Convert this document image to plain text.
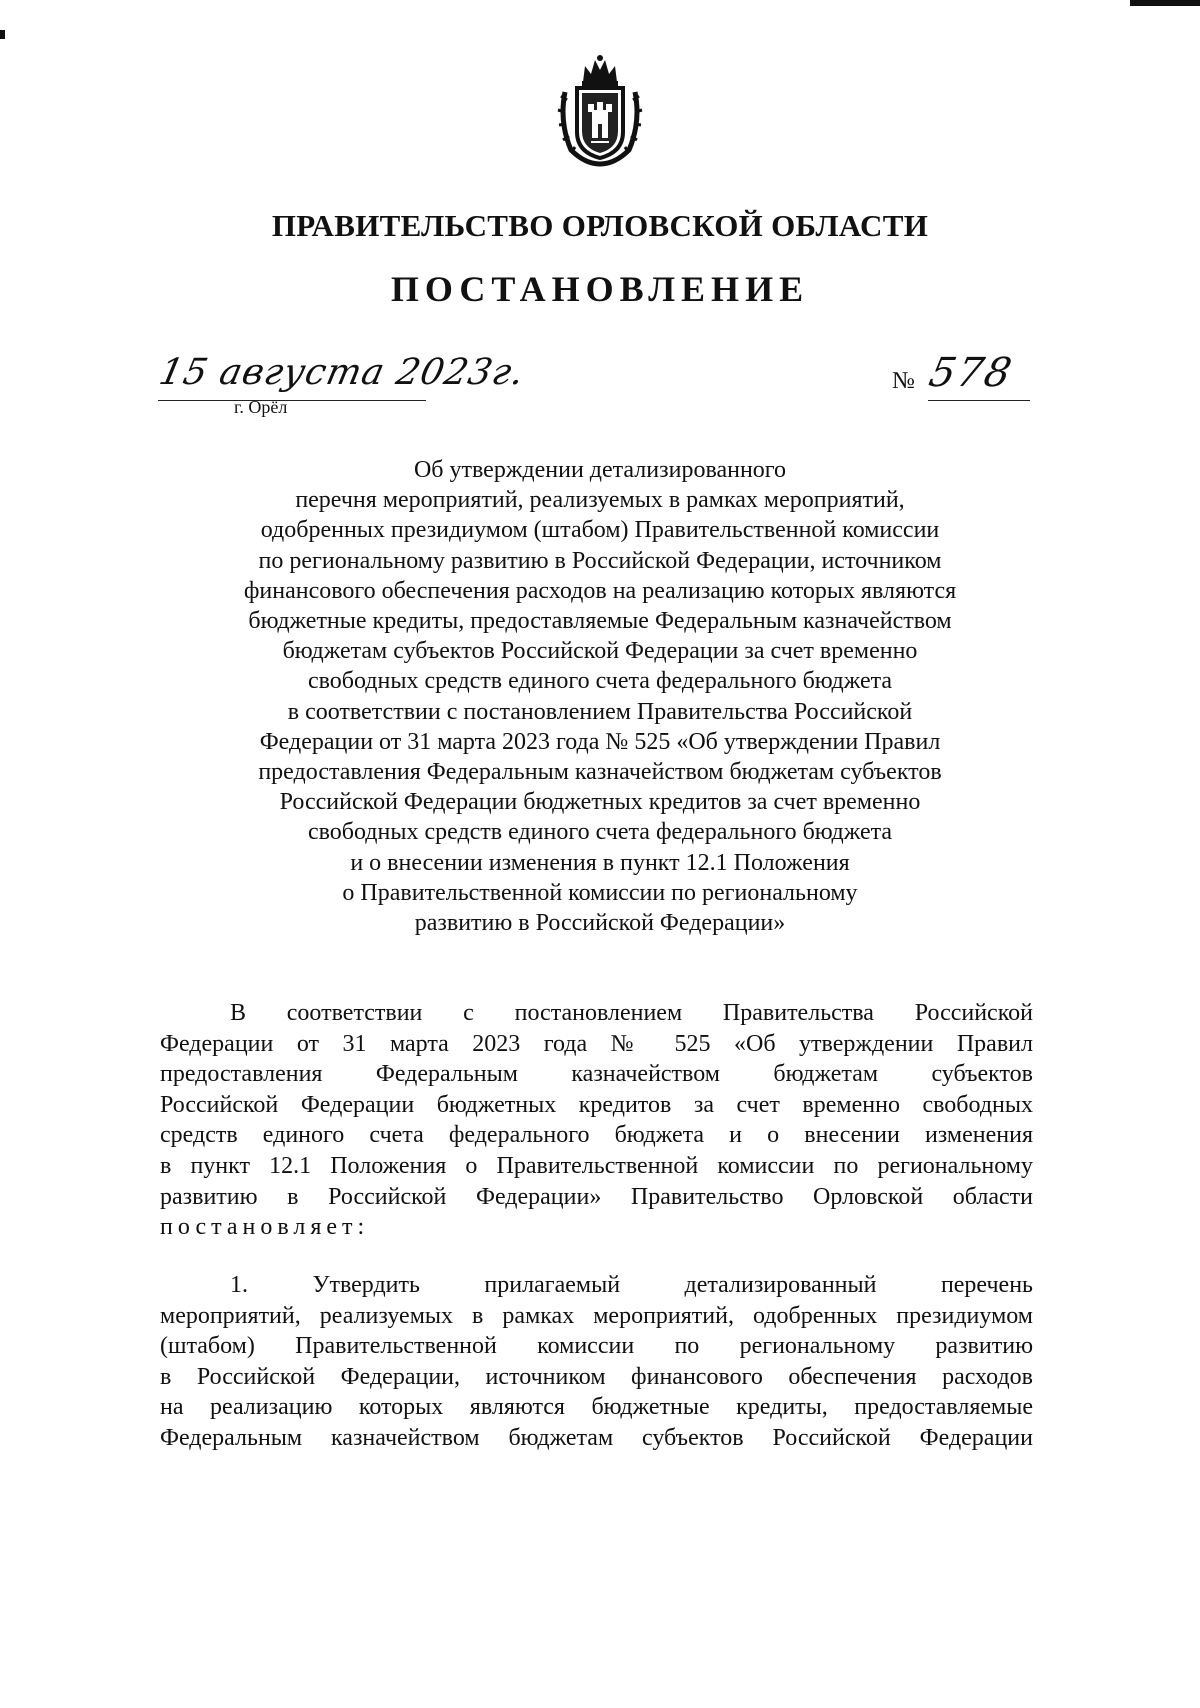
ПРАВИТЕЛЬСТВО ОРЛОВСКОЙ ОБЛАСТИ
ПОСТАНОВЛЕНИЕ
15 августа 2023г.
г. Орёл
№ 578
Об утверждении детализированного
перечня мероприятий, реализуемых в рамках мероприятий,
одобренных президиумом (штабом) Правительственной комиссии
по региональному развитию в Российской Федерации, источником
финансового обеспечения расходов на реализацию которых являются
бюджетные кредиты, предоставляемые Федеральным казначейством
бюджетам субъектов Российской Федерации за счет временно
свободных средств единого счета федерального бюджета
в соответствии с постановлением Правительства Российской
Федерации от 31 марта 2023 года № 525 «Об утверждении Правил
предоставления Федеральным казначейством бюджетам субъектов
Российской Федерации бюджетных кредитов за счет временно
свободных средств единого счета федерального бюджета
и о внесении изменения в пункт 12.1 Положения
о Правительственной комиссии по региональному
развитию в Российской Федерации»
В соответствии с постановлением Правительства Российской
Федерации от 31 марта 2023 года № 525 «Об утверждении Правил
предоставления Федеральным казначейством бюджетам субъектов
Российской Федерации бюджетных кредитов за счет временно свободных
средств единого счета федерального бюджета и о внесении изменения
в пункт 12.1 Положения о Правительственной комиссии по региональному
развитию в Российской Федерации» Правительство Орловской области
постановляет:
1. Утвердить прилагаемый детализированный перечень
мероприятий, реализуемых в рамках мероприятий, одобренных президиумом
(штабом) Правительственной комиссии по региональному развитию
в Российской Федерации, источником финансового обеспечения расходов
на реализацию которых являются бюджетные кредиты, предоставляемые
Федеральным казначейством бюджетам субъектов Российской Федерации
